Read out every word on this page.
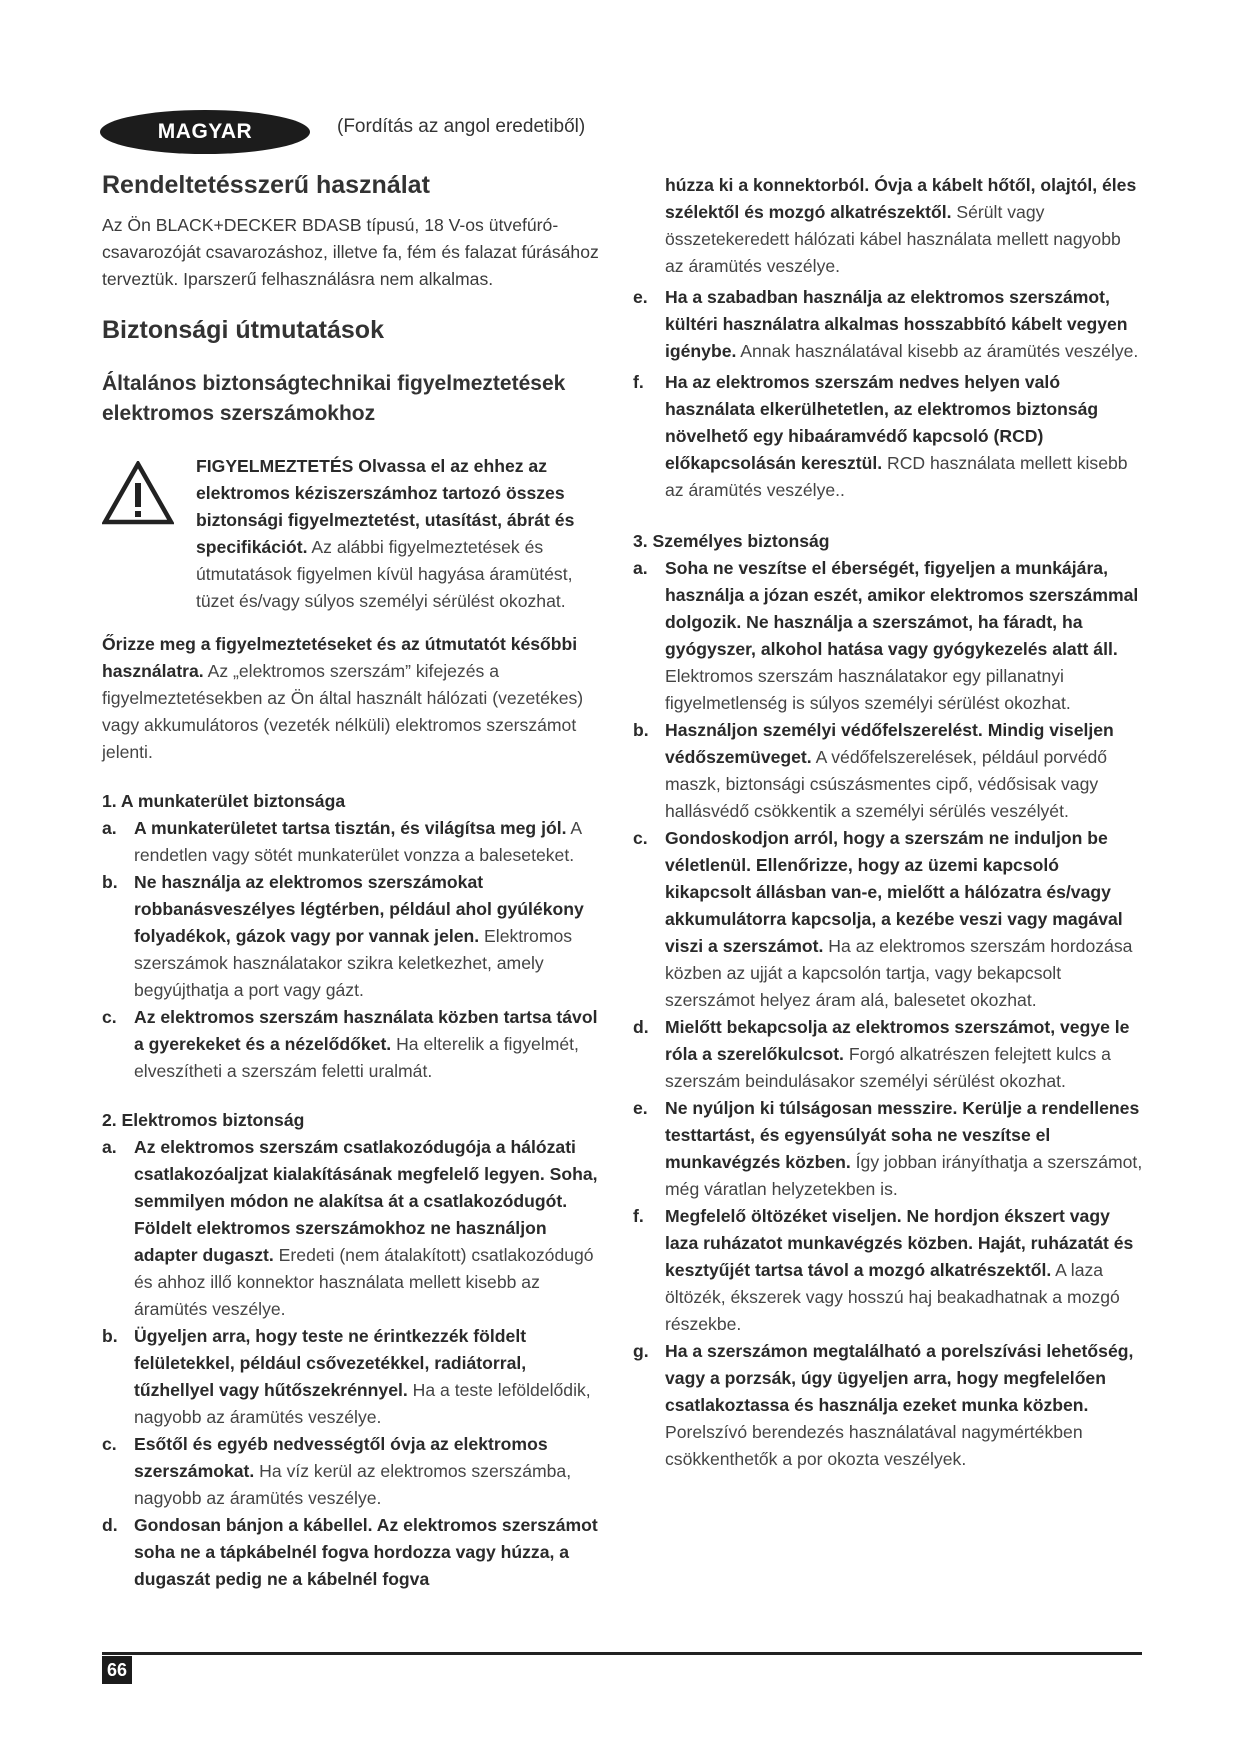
MAGYAR	(Fordítás az angol eredetiből)
Rendeltetésszerű használat

Az Ön BLACK+DECKER BDASB típusú, 18 V-os ütvefúró-csavarozóját csavarozáshoz, illetve fa, fém és falazat fúrásához terveztük. Iparszerű felhasználásra nem alkalmas.

Biztonsági útmutatások
Általános biztonságtechnikai figyelmeztetések elektromos szerszámokhoz

FIGYELMEZTETÉS Olvassa el az ehhez az elektromos kéziszerszámhoz tartozó összes biztonsági figyelmeztetést, utasítást, ábrát és specifikációt. Az alábbi figyelmeztetések és útmutatások figyelmen kívül hagyása áramütést, tüzet és/vagy súlyos személyi sérülést okozhat.

Őrizze meg a figyelmeztetéseket és az útmutatót későbbi használatra. Az „elektromos szerszám” kifejezés a figyelmeztetésekben az Ön által használt hálózati (vezetékes) vagy akkumulátoros (vezeték nélküli) elektromos szerszámot jelenti.

1. A munkaterület biztonsága
a. A munkaterületet tartsa tisztán, és világítsa meg jól. A rendetlen vagy sötét munkaterület vonzza a baleseteket.
b. Ne használja az elektromos szerszámokat robbanásveszélyes légtérben, például ahol gyúlékony folyadékok, gázok vagy por vannak jelen. Elektromos szerszámok használatakor szikra keletkezhet, amely begyújthatja a port vagy gázt.
c. Az elektromos szerszám használata közben tartsa távol a gyerekeket és a nézelődőket. Ha elterelik a figyelmét, elveszítheti a szerszám feletti uralmát.
2. Elektromos biztonság
a. Az elektromos szerszám csatlakozódugója a hálózati csatlakozóaljzat kialakításának megfelelő legyen. Soha, semmilyen módon ne alakítsa át a csatlakozódugót. Földelt elektromos szerszámokhoz ne használjon adapter dugaszt. Eredeti (nem átalakított) csatlakozódugó és ahhoz illő konnektor használata mellett kisebb az áramütés veszélye.
b. Ügyeljen arra, hogy teste ne érintkezzék földelt felületekkel, például csővezetékkel, radiátorral, tűzhellyel vagy hűtőszekrénnyel. Ha a teste leföldelődik, nagyobb az áramütés veszélye.
c. Esőtől és egyéb nedvességtől óvja az elektromos szerszámokat. Ha víz kerül az elektromos szerszámba, nagyobb az áramütés veszélye.
d. Gondosan bánjon a kábellel. Az elektromos szerszámot soha ne a tápkábelnél fogva hordozza vagy húzza, a dugaszát pedig ne a kábelnél fogva
húzza ki a konnektorból. Óvja a kábelt hőtől, olajtól, éles szélektől és mozgó alkatrészektől. Sérült vagy összetekeredett hálózati kábel használata mellett nagyobb az áramütés veszélye.
e. Ha a szabadban használja az elektromos szerszámot, kültéri használatra alkalmas hosszabbító kábelt vegyen igénybe. Annak használatával kisebb az áramütés veszélye.
f. Ha az elektromos szerszám nedves helyen való használata elkerülhetetlen, az elektromos biztonság növelhető egy hibaáramvédő kapcsoló (RCD) előkapcsolásán keresztül. RCD használata mellett kisebb az áramütés veszélye..
3. Személyes biztonság
a. Soha ne veszítse el éberségét, figyeljen a munkájára, használja a józan eszét, amikor elektromos szerszámmal dolgozik. Ne használja a szerszámot, ha fáradt, ha gyógyszer, alkohol hatása vagy gyógykezelés alatt áll. Elektromos szerszám használatakor egy pillanatnyi figyelmetlenség is súlyos személyi sérülést okozhat.
b. Használjon személyi védőfelszerelést. Mindig viseljen védőszemüveget. A védőfelszerelések, például porvédő maszk, biztonsági csúszásmentes cipő, védősisak vagy hallásvédő csökkentik a személyi sérülés veszélyét.
c. Gondoskodjon arról, hogy a szerszám ne induljon be véletlenül. Ellenőrizze, hogy az üzemi kapcsoló kikapcsolt állásban van-e, mielőtt a hálózatra és/vagy akkumulátorra kapcsolja, a kezébe veszi vagy magával viszi a szerszámot. Ha az elektromos szerszám hordozása közben az ujját a kapcsolón tartja, vagy bekapcsolt szerszámot helyez áram alá, balesetet okozhat.
d. Mielőtt bekapcsolja az elektromos szerszámot, vegye le róla a szerelőkulcsot. Forgó alkatrészen felejtett kulcs a szerszám beindulásakor személyi sérülést okozhat.
e. Ne nyúljon ki túlságosan messzire. Kerülje a rendellenes testtartást, és egyensúlyát soha ne veszítse el munkavégzés közben. Így jobban irányíthatja a szerszámot, még váratlan helyzetekben is.
f. Megfelelő öltözéket viseljen. Ne hordjon ékszert vagy laza ruházatot munkavégzés közben. Haját, ruházatát és kesztyűjét tartsa távol a mozgó alkatrészektől. A laza öltözék, ékszerek vagy hosszú haj beakadhatnak a mozgó részekbe.
g. Ha a szerszámon megtalálható a porelszívási lehetőség, vagy a porzsák, úgy ügyeljen arra, hogy megfelelően csatlakoztassa és használja ezeket munka közben. Porelszívó berendezés használatával nagymértékben csökkenthetők a por okozta veszélyek.
66
